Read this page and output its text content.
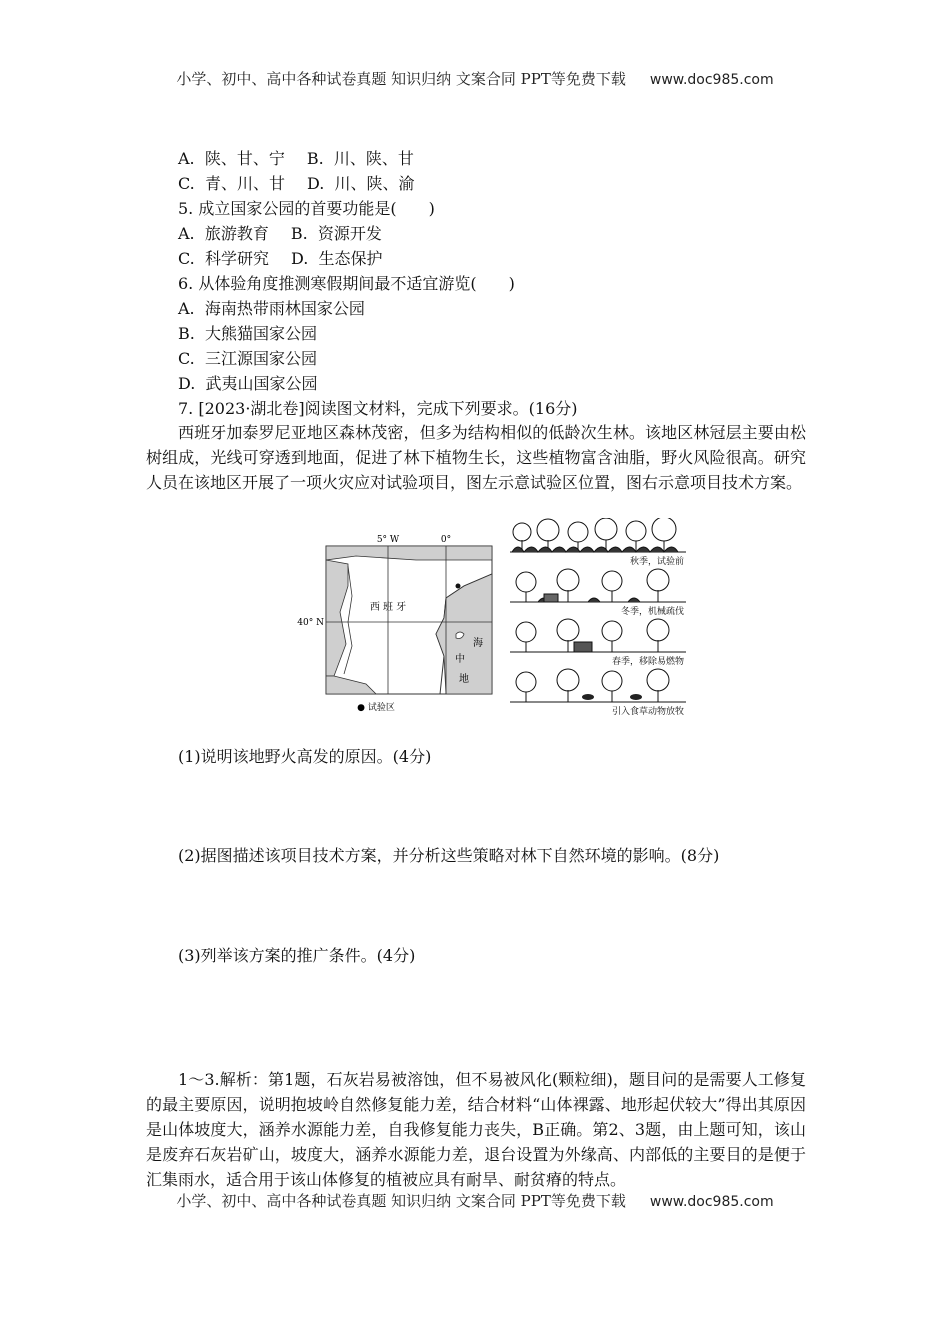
小学、初中、高中各种试卷真题 知识归纳 文案合同 PPT等免费下载 www.doc985.com
A. 陕、甘、宁 B. 川、陕、甘
C. 青、川、甘 D. 川、陕、渝
5. 成立国家公园的首要功能是(　　)
A. 旅游教育 B. 资源开发
C. 科学研究 D. 生态保护
6. 从体验角度推测寒假期间最不适宜游览(　　)
A. 海南热带雨林国家公园
B. 大熊猫国家公园
C. 三江源国家公园
D. 武夷山国家公园
7. [2023·湖北卷]阅读图文材料，完成下列要求。(16分)
西班牙加泰罗尼亚地区森林茂密，但多为结构相似的低龄次生林。该地区林冠层主要由松树组成，光线可穿透到地面，促进了林下植物生长，这些植物富含油脂，野火风险很高。研究人员在该地区开展了一项火灾应对试验项目，图左示意试验区位置，图右示意项目技术方案。
5° W	0°
40° N
西 班 牙
海
中
地
● 试验区
秋季，试验前
冬季，机械疏伐
春季，移除易燃物
引入食草动物放牧
(1)说明该地野火高发的原因。(4分)
(2)据图描述该项目技术方案，并分析这些策略对林下自然环境的影响。(8分)
(3)列举该方案的推广条件。(4分)
1～3.解析：第1题，石灰岩易被溶蚀，但不易被风化(颗粒细)，题目问的是需要人工修复的最主要原因，说明抱坡岭自然修复能力差，结合材料“山体裸露、地形起伏较大”得出其原因是山体坡度大，涵养水源能力差，自我修复能力丧失，B正确。第2、3题，由上题可知，该山是废弃石灰岩矿山，坡度大，涵养水源能力差，退台设置为外缘高、内部低的主要目的是便于汇集雨水，适合用于该山体修复的植被应具有耐旱、耐贫瘠的特点。
小学、初中、高中各种试卷真题 知识归纳 文案合同 PPT等免费下载 www.doc985.com
